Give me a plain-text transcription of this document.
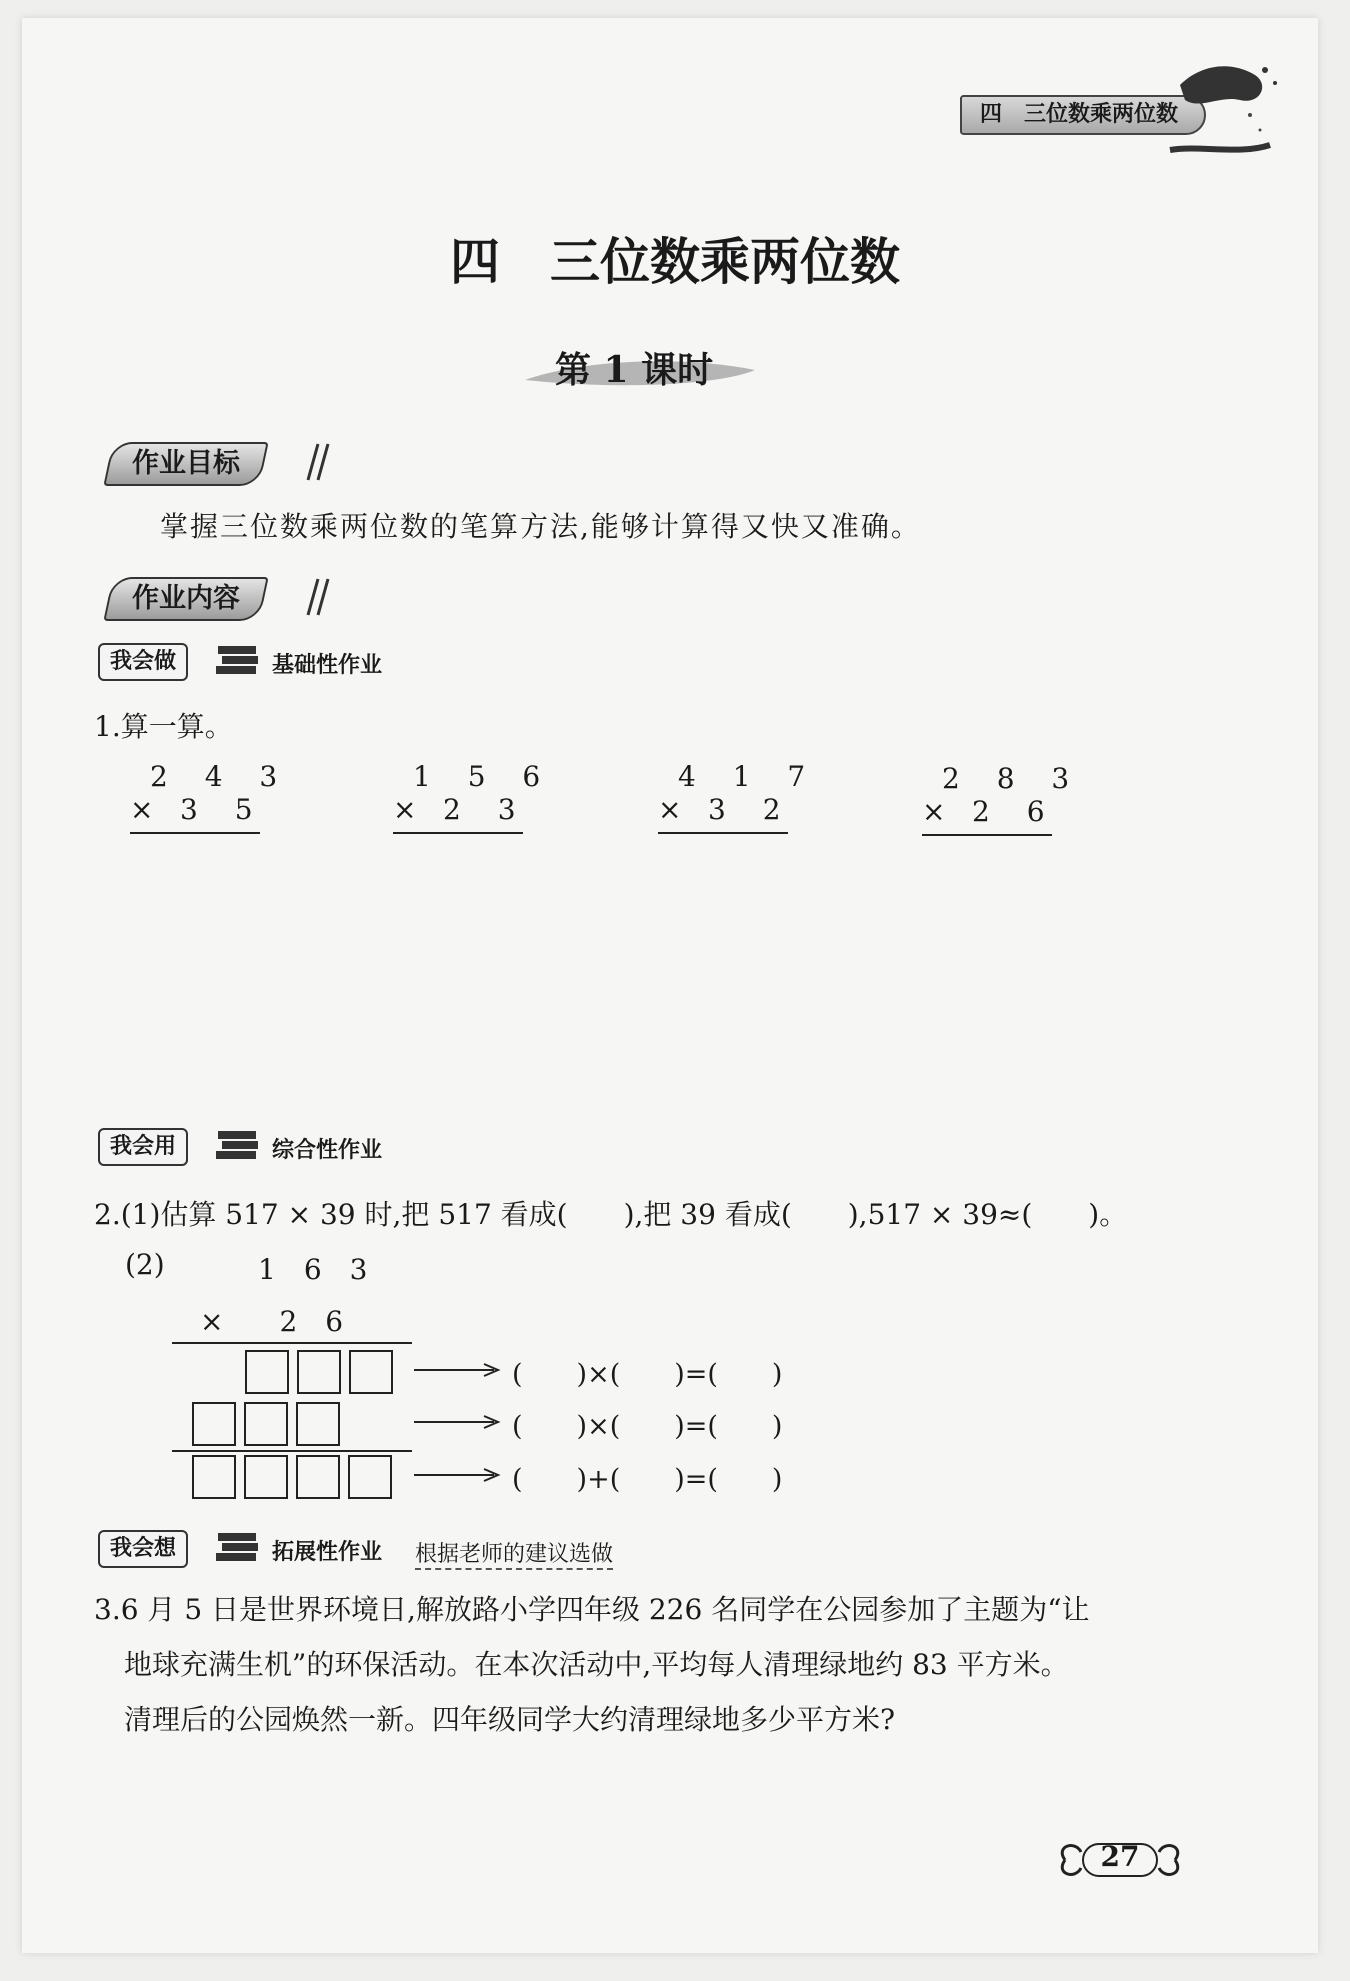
四　三位数乘两位数
四　三位数乘两位数
第 1 课时
作业目标
掌握三位数乘两位数的笔算方法,能够计算得又快又准确。
作业内容
我会做	基础性作业
1.算一算。
2 4 3
× 3 5
1 5 6
× 2 3
4 1 7
× 3 2
2 8 3
× 2 6
我会用	综合性作业
2.(1)估算 517 × 39 时,把 517 看成(　　),把 39 看成(　　),517 × 39≈(　　)。
(2)	1　6　3
×　　2　6
(　　)×(　　)=(　　)
(　　)×(　　)=(　　)
(　　)+(　　)=(　　)
我会想	拓展性作业 根据老师的建议选做
3.6 月 5 日是世界环境日,解放路小学四年级 226 名同学在公园参加了主题为“让
地球充满生机”的环保活动。在本次活动中,平均每人清理绿地约 83 平方米。
清理后的公园焕然一新。四年级同学大约清理绿地多少平方米?
27
